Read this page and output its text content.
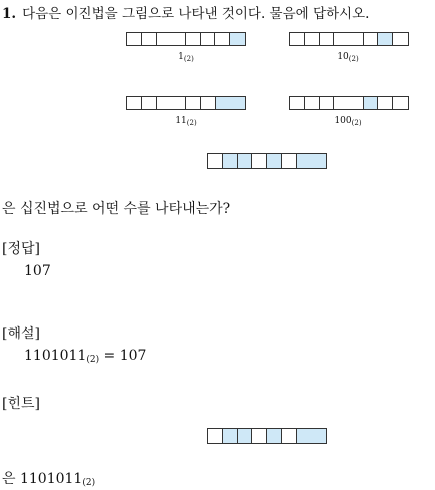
1. 다음은 이진법을 그림으로 나타낸 것이다. 물음에 답하시오.
$1_{(2)}$	$10_{(2)}$
$11_{(2)}$	$100_{(2)}$
은 십진법으로 어떤 수를 나타내는가?
[정답]
107
[해설]
1101011(2) = 107
[힌트]
은 1101011(2)
